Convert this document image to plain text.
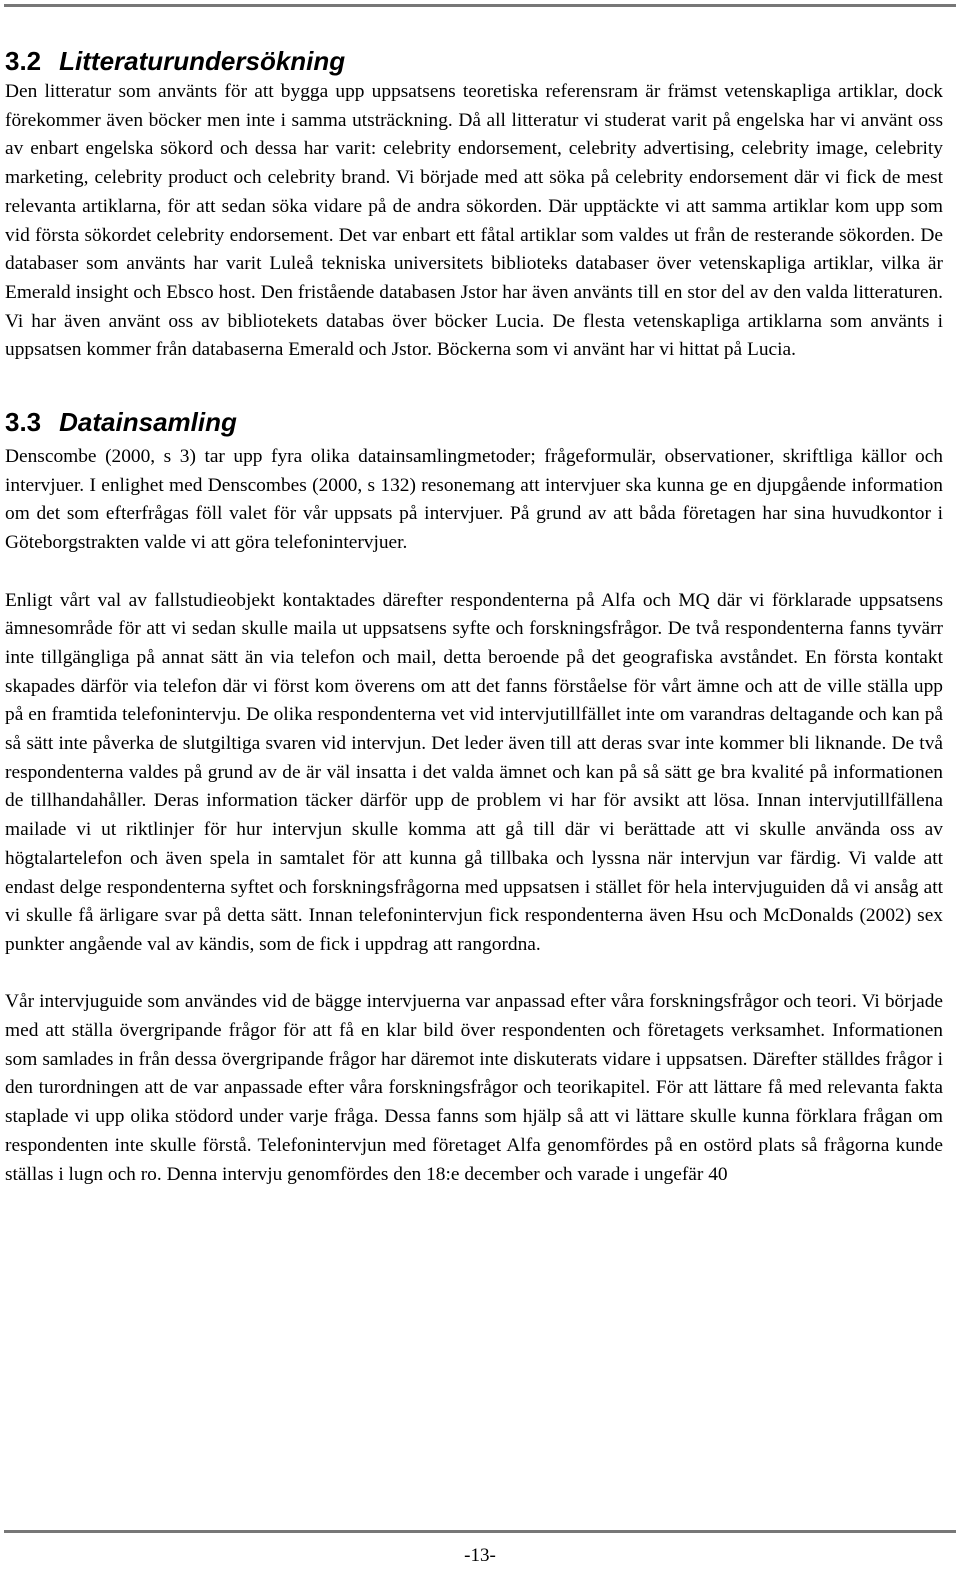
3.2 Litteraturundersökning

Den litteratur som använts för att bygga upp uppsatsens teoretiska referensram är främst vetenskapliga artiklar, dock förekommer även böcker men inte i samma utsträckning. Då all litteratur vi studerat varit på engelska har vi använt oss av enbart engelska sökord och dessa har varit: celebrity endorsement, celebrity advertising, celebrity image, celebrity marketing, celebrity product och celebrity brand. Vi började med att söka på celebrity endorsement där vi fick de mest relevanta artiklarna, för att sedan söka vidare på de andra sökorden. Där upptäckte vi att samma artiklar kom upp som vid första sökordet celebrity endorsement. Det var enbart ett fåtal artiklar som valdes ut från de resterande sökorden. De databaser som använts har varit Luleå tekniska universitets biblioteks databaser över vetenskapliga artiklar, vilka är Emerald insight och Ebsco host. Den fristående databasen Jstor har även använts till en stor del av den valda litteraturen. Vi har även använt oss av bibliotekets databas över böcker Lucia. De flesta vetenskapliga artiklarna som använts i uppsatsen kommer från databaserna Emerald och Jstor. Böckerna som vi använt har vi hittat på Lucia.

3.3 Datainsamling

Denscombe (2000, s 3) tar upp fyra olika datainsamlingmetoder; frågeformulär, observationer, skriftliga källor och intervjuer. I enlighet med Denscombes (2000, s 132) resonemang att intervjuer ska kunna ge en djupgående information om det som efterfrågas föll valet för vår uppsats på intervjuer. På grund av att båda företagen har sina huvudkontor i Göteborgstrakten valde vi att göra telefonintervjuer.

Enligt vårt val av fallstudieobjekt kontaktades därefter respondenterna på Alfa och MQ där vi förklarade uppsatsens ämnesområde för att vi sedan skulle maila ut uppsatsens syfte och forskningsfrågor. De två respondenterna fanns tyvärr inte tillgängliga på annat sätt än via telefon och mail, detta beroende på det geografiska avståndet. En första kontakt skapades därför via telefon där vi först kom överens om att det fanns förståelse för vårt ämne och att de ville ställa upp på en framtida telefonintervju. De olika respondenterna vet vid intervjutillfället inte om varandras deltagande och kan på så sätt inte påverka de slutgiltiga svaren vid intervjun. Det leder även till att deras svar inte kommer bli liknande. De två respondenterna valdes på grund av de är väl insatta i det valda ämnet och kan på så sätt ge bra kvalité på informationen de tillhandahåller. Deras information täcker därför upp de problem vi har för avsikt att lösa. Innan intervjutillfällena mailade vi ut riktlinjer för hur intervjun skulle komma att gå till där vi berättade att vi skulle använda oss av högtalartelefon och även spela in samtalet för att kunna gå tillbaka och lyssna när intervjun var färdig. Vi valde att endast delge respondenterna syftet och forskningsfrågorna med uppsatsen i stället för hela intervjuguiden då vi ansåg att vi skulle få ärligare svar på detta sätt. Innan telefonintervjun fick respondenterna även Hsu och McDonalds (2002) sex punkter angående val av kändis, som de fick i uppdrag att rangordna.

Vår intervjuguide som användes vid de bägge intervjuerna var anpassad efter våra forskningsfrågor och teori. Vi började med att ställa övergripande frågor för att få en klar bild över respondenten och företagets verksamhet. Informationen som samlades in från dessa övergripande frågor har däremot inte diskuterats vidare i uppsatsen. Därefter ställdes frågor i den turordningen att de var anpassade efter våra forskningsfrågor och teorikapitel. För att lättare få med relevanta fakta staplade vi upp olika stödord under varje fråga. Dessa fanns som hjälp så att vi lättare skulle kunna förklara frågan om respondenten inte skulle förstå. Telefonintervjun med företaget Alfa genomfördes på en ostörd plats så frågorna kunde ställas i lugn och ro. Denna intervju genomfördes den 18:e december och varade i ungefär 40

-13-
